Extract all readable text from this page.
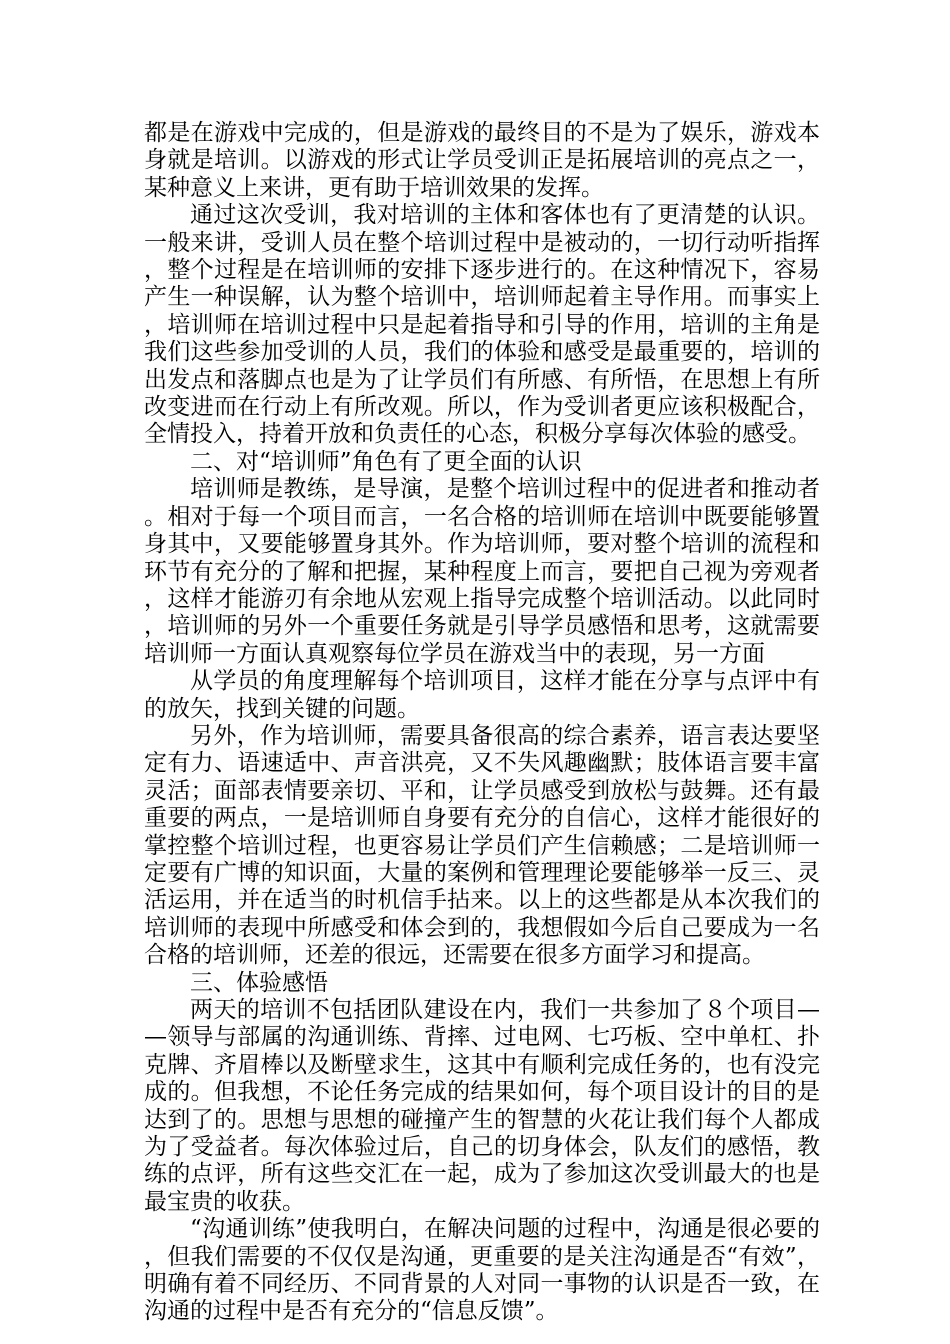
都是在游戏中完成的，但是游戏的最终目的不是为了娱乐，游戏本身就是培训。以游戏的形式让学员受训正是拓展培训的亮点之一，某种意义上来讲，更有助于培训效果的发挥。

通过这次受训，我对培训的主体和客体也有了更清楚的认识。一般来讲，受训人员在整个培训过程中是被动的，一切行动听指挥，整个过程是在培训师的安排下逐步进行的。在这种情况下，容易产生一种误解，认为整个培训中，培训师起着主导作用。而事实上，培训师在培训过程中只是起着指导和引导的作用，培训的主角是我们这些参加受训的人员，我们的体验和感受是最重要的，培训的出发点和落脚点也是为了让学员们有所感、有所悟，在思想上有所改变进而在行动上有所改观。所以，作为受训者更应该积极配合，全情投入，持着开放和负责任的心态，积极分享每次体验的感受。

二、对“培训师”角色有了更全面的认识

培训师是教练，是导演，是整个培训过程中的促进者和推动者。相对于每一个项目而言，一名合格的培训师在培训中既要能够置身其中，又要能够置身其外。作为培训师，要对整个培训的流程和环节有充分的了解和把握，某种程度上而言，要把自己视为旁观者，这样才能游刃有余地从宏观上指导完成整个培训活动。以此同时，培训师的另外一个重要任务就是引导学员感悟和思考，这就需要培训师一方面认真观察每位学员在游戏当中的表现，另一方面

从学员的角度理解每个培训项目，这样才能在分享与点评中有的放矢，找到关键的问题。

另外，作为培训师，需要具备很高的综合素养，语言表达要坚定有力、语速适中、声音洪亮，又不失风趣幽默；肢体语言要丰富灵活；面部表情要亲切、平和，让学员感受到放松与鼓舞。还有最重要的两点，一是培训师自身要有充分的自信心，这样才能很好的掌控整个培训过程，也更容易让学员们产生信赖感；二是培训师一定要有广博的知识面，大量的案例和管理理论要能够举一反三、灵活运用，并在适当的时机信手拈来。以上的这些都是从本次我们的培训师的表现中所感受和体会到的，我想假如今后自己要成为一名合格的培训师，还差的很远，还需要在很多方面学习和提高。

三、体验感悟

两天的培训不包括团队建设在内，我们一共参加了８个项目——领导与部属的沟通训练、背摔、过电网、七巧板、空中单杠、扑克牌、齐眉棒以及断壁求生，这其中有顺利完成任务的，也有没完成的。但我想，不论任务完成的结果如何，每个项目设计的目的是达到了的。思想与思想的碰撞产生的智慧的火花让我们每个人都成为了受益者。每次体验过后，自己的切身体会，队友们的感悟，教练的点评，所有这些交汇在一起，成为了参加这次受训最大的也是最宝贵的收获。

“沟通训练”使我明白，在解决问题的过程中，沟通是很必要的，但我们需要的不仅仅是沟通，更重要的是关注沟通是否“有效”，明确有着不同经历、不同背景的人对同一事物的认识是否一致，在沟通的过程中是否有充分的“信息反馈”。
